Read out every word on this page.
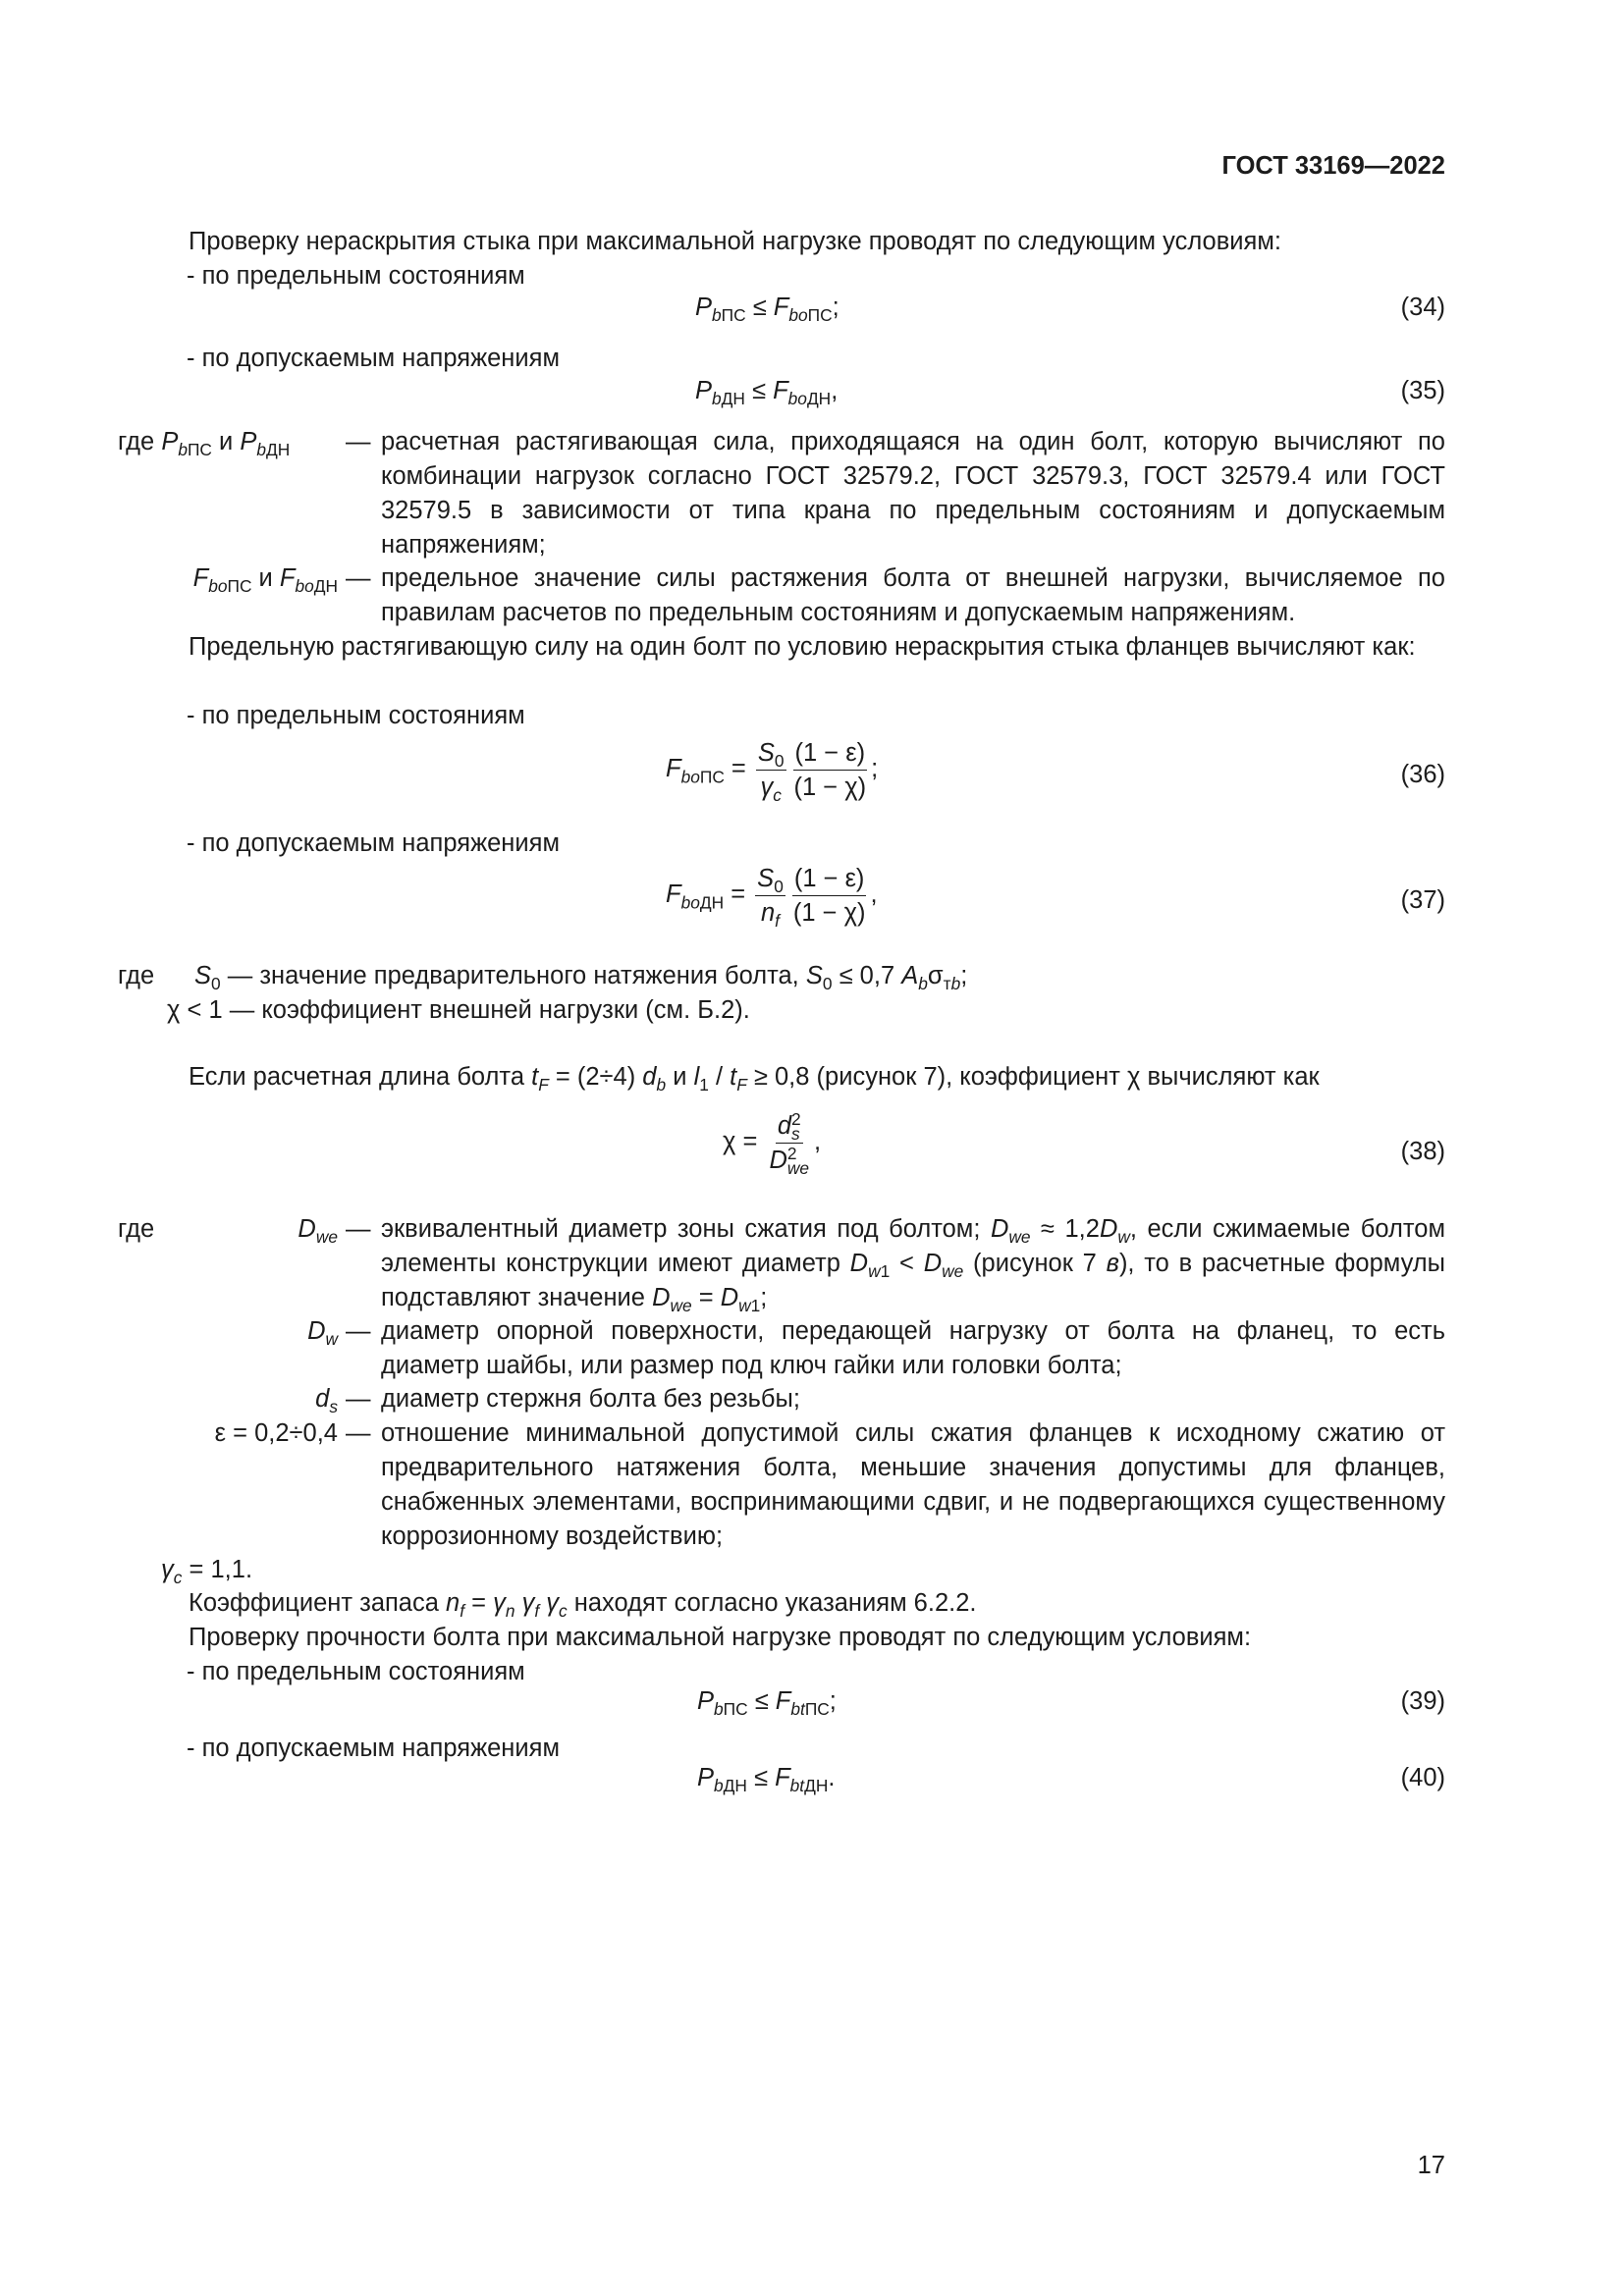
ГОСТ 33169—2022
Проверку нераскрытия стыка при максимальной нагрузке проводят по следующим условиям:
- по предельным состояниям
$P_{bПС} \le F_{boПС}$;	(34)
- по допускаемым напряжениям
$P_{bДН} \le F_{boДН}$,	(35)
где $P_{bПС}$ и $P_{bДН}$ — расчетная растягивающая сила, приходящаяся на один болт, которую вычисляют по комбинации нагрузок согласно ГОСТ 32579.2, ГОСТ 32579.3, ГОСТ 32579.4 или ГОСТ 32579.5 в зависимости от типа крана по предельным состояниям и допускаемым напряжениям;
$F_{boПС}$ и $F_{boДН}$ — предельное значение силы растяжения болта от внешней нагрузки, вычисляемое по правилам расчетов по предельным состояниям и допускаемым напряжениям.
Предельную растягивающую силу на один болт по условию нераскрытия стыка фланцев вычисляют как:
- по предельным состояниям
$F_{boПС} = \frac{S_0}{\gamma_c} \frac{(1 - \varepsilon)}{(1 - \chi)}$ ;	(36)
- по допускаемым напряжениям
$F_{boДН} = \frac{S_0}{n_f} \frac{(1 - \varepsilon)}{(1 - \chi)}$ ,	(37)
где $S_0$ — значение предварительного натяжения болта, $S_0 \le 0,7$ $A_b\sigma_{тb}$;
χ < 1 — коэффициент внешней нагрузки (см. Б.2).
Если расчетная длина болта $t_F = (2\div 4)$ $d_b$ и $l_1 / t_F \ge 0,8$ (рисунок 7), коэффициент χ вычисляют как
χ = d 2
s
D 2
we ,	(38)
где	$D_{we}$ — эквивалентный диаметр зоны сжатия под болтом; $D_{we} \approx 1,2D_w$, если сжимаемые болтом элементы конструкции имеют диаметр $D_{w1} < D_{we}$ (рисунок 7 в), то в расчетные формулы подставляют значение $D_{we} = D_{w1}$;
$D_w$ — диаметр опорной поверхности, передающей нагрузку от болта на фланец, то есть диаметр шайбы, или размер под ключ гайки или головки болта;
$d_s$ — диаметр стержня болта без резьбы;
ε = 0,2÷0,4 — отношение минимальной допустимой силы сжатия фланцев к исходному сжатию от предварительного натяжения болта, меньшие значения допустимы для фланцев, снабженных элементами, воспринимающими сдвиг, и не подвергающихся существенному коррозионному воздействию;
$\gamma_c = 1,1$.
Коэффициент запаса $n_f = \gamma_n$ $\gamma_f$ $\gamma_c$ находят согласно указаниям 6.2.2.
Проверку прочности болта при максимальной нагрузке проводят по следующим условиям:
- по предельным состояниям
$P_{bПС} \le F_{btПС}$;	(39)
- по допускаемым напряжениям
$P_{bДН} \le F_{btДН}$.	(40)
17
